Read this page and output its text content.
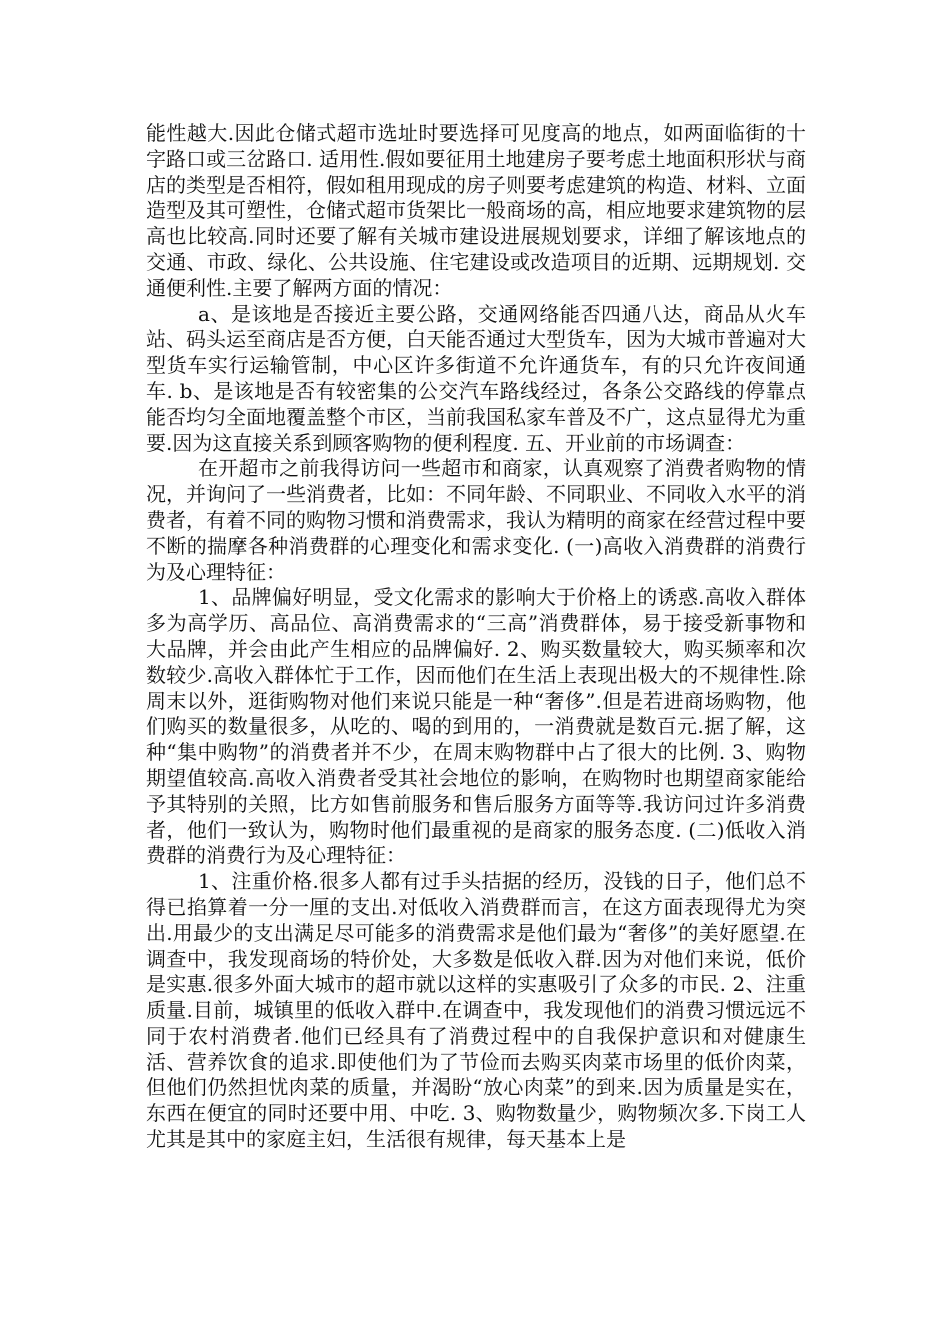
能性越大.因此仓储式超市选址时要选择可见度高的地点，如两面临街的十字路口或三岔路口. 适用性.假如要征用土地建房子要考虑土地面积形状与商店的类型是否相符，假如租用现成的房子则要考虑建筑的构造、材料、立面造型及其可塑性，仓储式超市货架比一般商场的高，相应地要求建筑物的层高也比较高.同时还要了解有关城市建设进展规划要求，详细了解该地点的交通、市政、绿化、公共设施、住宅建设或改造项目的近期、远期规划. 交通便利性.主要了解两方面的情况：

a、是该地是否接近主要公路，交通网络能否四通八达，商品从火车站、码头运至商店是否方便，白天能否通过大型货车，因为大城市普遍对大型货车实行运输管制，中心区许多街道不允许通货车，有的只允许夜间通车. b、是该地是否有较密集的公交汽车路线经过，各条公交路线的停靠点能否均匀全面地覆盖整个市区，当前我国私家车普及不广，这点显得尤为重要.因为这直接关系到顾客购物的便利程度. 五、开业前的市场调查：

在开超市之前我得访问一些超市和商家，认真观察了消费者购物的情况，并询问了一些消费者，比如：不同年龄、不同职业、不同收入水平的消费者，有着不同的购物习惯和消费需求，我认为精明的商家在经营过程中要不断的揣摩各种消费群的心理变化和需求变化. (一)高收入消费群的消费行为及心理特征：

1、品牌偏好明显，受文化需求的影响大于价格上的诱惑.高收入群体多为高学历、高品位、高消费需求的“三高”消费群体，易于接受新事物和大品牌，并会由此产生相应的品牌偏好. 2、购买数量较大，购买频率和次数较少.高收入群体忙于工作，因而他们在生活上表现出极大的不规律性.除周末以外，逛街购物对他们来说只能是一种“奢侈”.但是若进商场购物，他们购买的数量很多，从吃的、喝的到用的，一消费就是数百元.据了解，这种“集中购物”的消费者并不少，在周末购物群中占了很大的比例. 3、购物期望值较高.高收入消费者受其社会地位的影响，在购物时也期望商家能给予其特别的关照，比方如售前服务和售后服务方面等等.我访问过许多消费者，他们一致认为，购物时他们最重视的是商家的服务态度. (二)低收入消费群的消费行为及心理特征：

1、注重价格.很多人都有过手头拮据的经历，没钱的日子，他们总不得已掐算着一分一厘的支出.对低收入消费群而言，在这方面表现得尤为突出.用最少的支出满足尽可能多的消费需求是他们最为“奢侈”的美好愿望.在调查中，我发现商场的特价处，大多数是低收入群.因为对他们来说，低价是实惠.很多外面大城市的超市就以这样的实惠吸引了众多的市民. 2、注重质量.目前，城镇里的低收入群中.在调查中，我发现他们的消费习惯远远不同于农村消费者.他们已经具有了消费过程中的自我保护意识和对健康生活、营养饮食的追求.即使他们为了节俭而去购买肉菜市场里的低价肉菜，但他们仍然担忧肉菜的质量，并渴盼“放心肉菜”的到来.因为质量是实在，东西在便宜的同时还要中用、中吃. 3、购物数量少，购物频次多.下岗工人尤其是其中的家庭主妇，生活很有规律，每天基本上是
